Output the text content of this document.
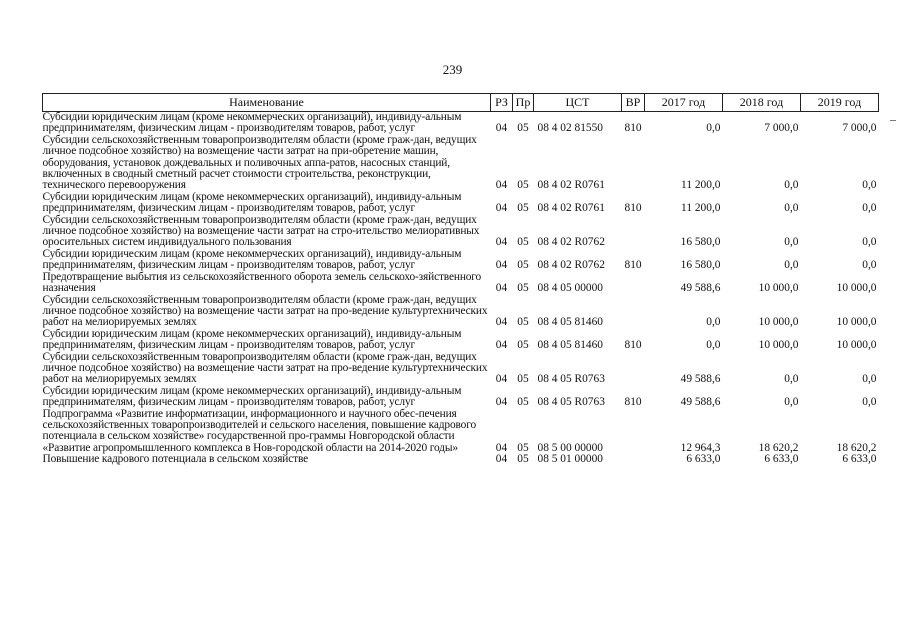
239
Наименование	РЗ	Пр	ЦСТ	ВР	2017 год	2018 год	2019 год
Субсидии юридическим лицам (кроме некоммерческих организаций), индивиду-альным предпринимателям, физическим лицам - производителям товаров, работ, услуг	04	05	08 4 02 81550	810	0,0	7 000,0	7 000,0
Субсидии сельскохозяйственным товаропроизводителям области (кроме граж-дан, ведущих личное подсобное хозяйство) на возмещение части затрат на при-обретение машин, оборудования, установок дождевальных и поливочных аппа-ратов, насосных станций, включенных в сводный сметный расчет стоимости строительства, реконструкции, технического перевооружения	04	05	08 4 02 R0761		11 200,0	0,0	0,0
Субсидии юридическим лицам (кроме некоммерческих организаций), индивиду-альным предпринимателям, физическим лицам - производителям товаров, работ, услуг	04	05	08 4 02 R0761	810	11 200,0	0,0	0,0
Субсидии сельскохозяйственным товаропроизводителям области (кроме граж-дан, ведущих личное подсобное хозяйство) на возмещение части затрат на стро-ительство мелиоративных оросительных систем индивидуального пользования	04	05	08 4 02 R0762		16 580,0	0,0	0,0
Субсидии юридическим лицам (кроме некоммерческих организаций), индивиду-альным предпринимателям, физическим лицам - производителям товаров, работ, услуг	04	05	08 4 02 R0762	810	16 580,0	0,0	0,0
Предотвращение выбытия из сельскохозяйственного оборота земель сельскохо-зяйственного назначения	04	05	08 4 05 00000		49 588,6	10 000,0	10 000,0
Субсидии сельскохозяйственным товаропроизводителям области (кроме граж-дан, ведущих личное подсобное хозяйство) на возмещение части затрат на про-ведение культуртехнических работ на мелиорируемых землях	04	05	08 4 05 81460		0,0	10 000,0	10 000,0
Субсидии юридическим лицам (кроме некоммерческих организаций), индивиду-альным предпринимателям, физическим лицам - производителям товаров, работ, услуг	04	05	08 4 05 81460	810	0,0	10 000,0	10 000,0
Субсидии сельскохозяйственным товаропроизводителям области (кроме граж-дан, ведущих личное подсобное хозяйство) на возмещение части затрат на про-ведение культуртехнических работ на мелиорируемых землях	04	05	08 4 05 R0763		49 588,6	0,0	0,0
Субсидии юридическим лицам (кроме некоммерческих организаций), индивиду-альным предпринимателям, физическим лицам - производителям товаров, работ, услуг	04	05	08 4 05 R0763	810	49 588,6	0,0	0,0
Подпрограмма «Развитие информатизации, информационного и научного обес-печения сельскохозяйственных товаропроизводителей и сельского населения, повышение кадрового потенциала в сельском хозяйстве» государственной про-граммы Новгородской области «Развитие агропромышленного комплекса в Нов-городской области на 2014-2020 годы»	04	05	08 5 00 00000		12 964,3	18 620,2	18 620,2
Повышение кадрового потенциала в сельском хозяйстве	04	05	08 5 01 00000		6 633,0	6 633,0	6 633,0
